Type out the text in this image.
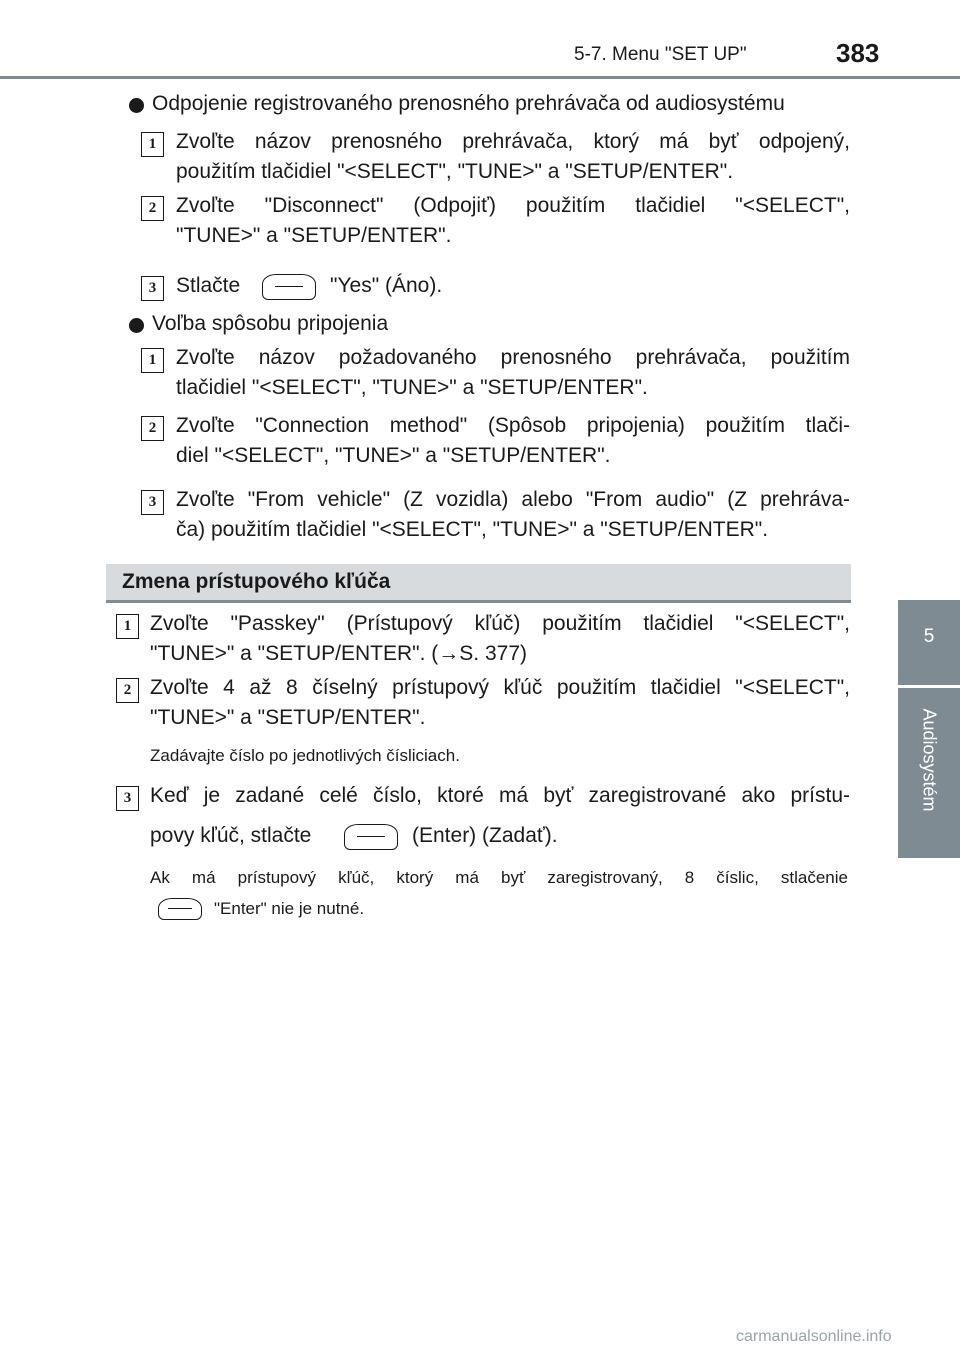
5-7. Menu "SET UP"	383
5
Audiosystém
Odpojenie registrovaného prenosného prehrávača od audiosystému
1 Zvoľte názov prenosného prehrávača, ktorý má byť odpojený,
použitím tlačidiel "<SELECT", "TUNE>" a "SETUP/ENTER".
2 Zvoľte "Disconnect" (Odpojiť) použitím tlačidiel "<SELECT",
"TUNE>" a "SETUP/ENTER".
3 Stlačte	"Yes" (Áno).
Voľba spôsobu pripojenia
1 Zvoľte názov požadovaného prenosného prehrávača, použitím
tlačidiel "<SELECT", "TUNE>" a "SETUP/ENTER".
2 Zvoľte "Connection method" (Spôsob pripojenia) použitím tlači-
diel "<SELECT", "TUNE>" a "SETUP/ENTER".
3 Zvoľte "From vehicle" (Z vozidla) alebo "From audio" (Z prehráva-
ča) použitím tlačidiel "<SELECT", "TUNE>" a "SETUP/ENTER".
Zmena prístupového kľúča
1 Zvoľte "Passkey" (Prístupový kľúč) použitím tlačidiel "<SELECT",
"TUNE>" a "SETUP/ENTER". (→S. 377)
2 Zvoľte 4 až 8 číselný prístupový kľúč použitím tlačidiel "<SELECT",
"TUNE>" a "SETUP/ENTER".
Zadávajte číslo po jednotlivých čísliciach.
3 Keď je zadané celé číslo, ktoré má byť zaregistrované ako prístu-
povy kľúč, stlačte	(Enter) (Zadať).
Ak má prístupový kľúč, ktorý má byť zaregistrovaný, 8 číslic, stlačenie
"Enter" nie je nutné.
carmanualsonline.info
